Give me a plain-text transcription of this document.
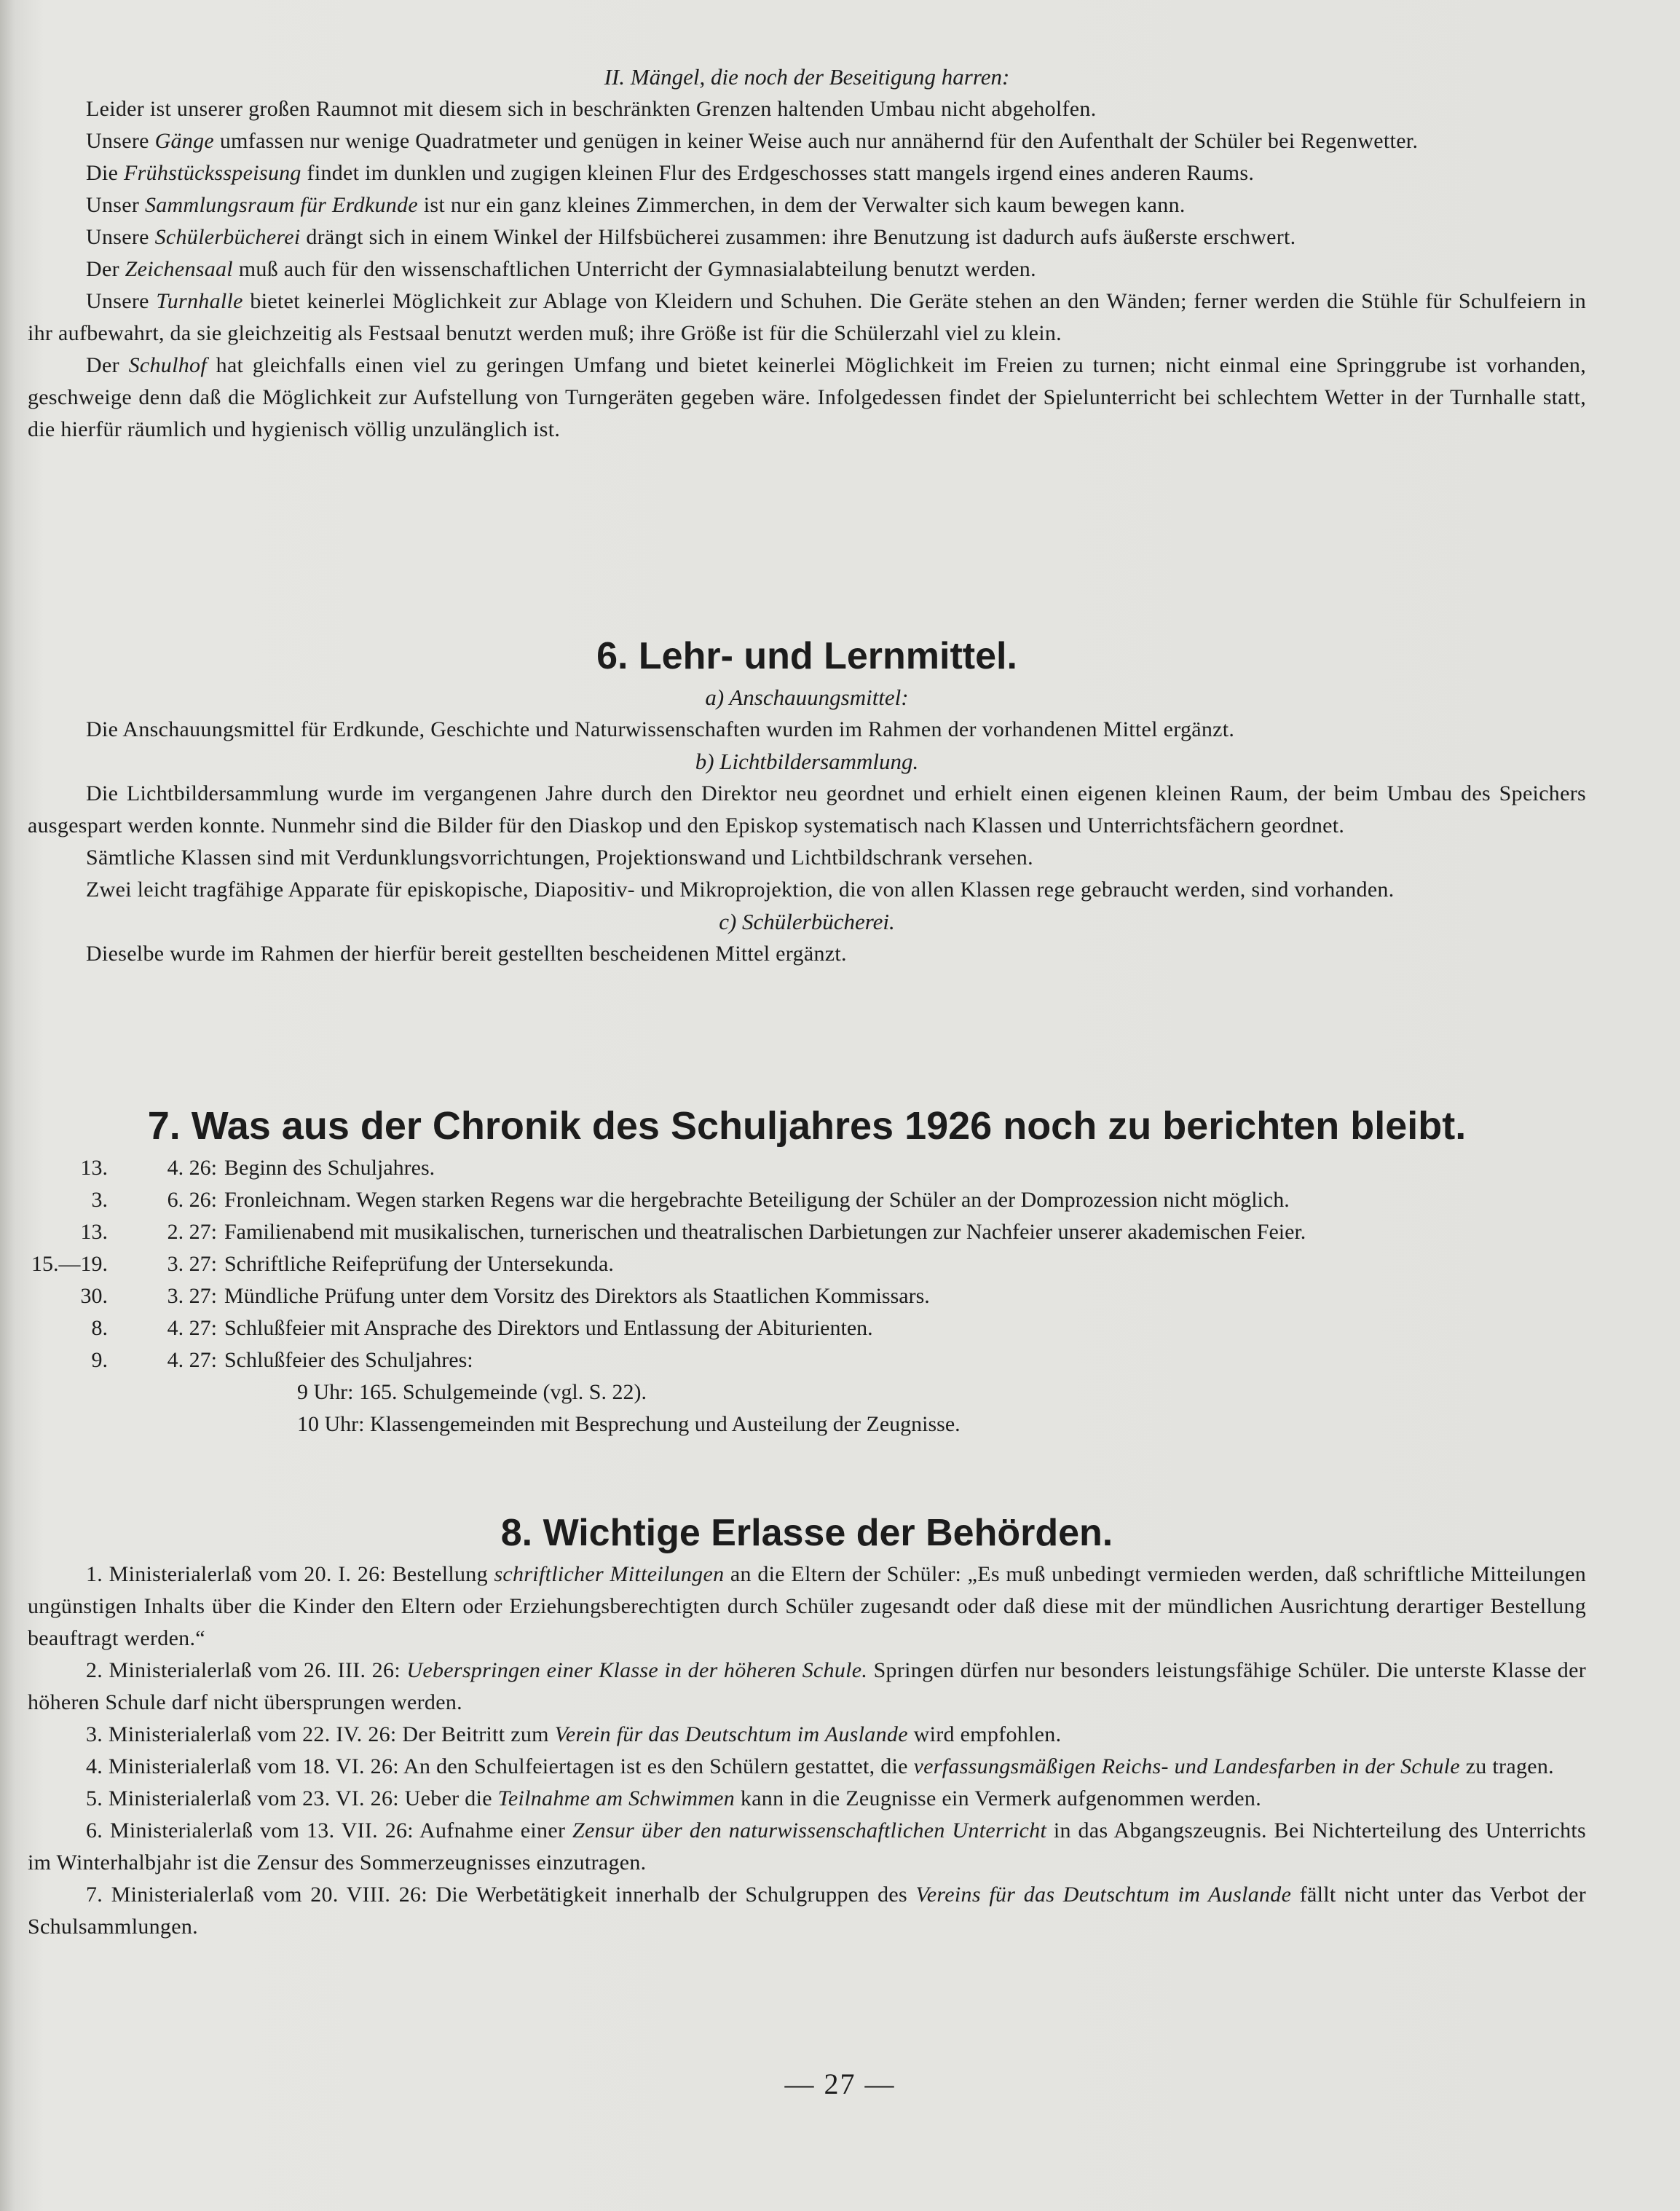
II. Mängel, die noch der Beseitigung harren:

Leider ist unserer großen Raumnot mit diesem sich in beschränkten Grenzen haltenden Umbau nicht abgeholfen.

Unsere Gänge umfassen nur wenige Quadratmeter und genügen in keiner Weise auch nur annähernd für den Aufenthalt der Schüler bei Regenwetter.

Die Frühstücksspeisung findet im dunklen und zugigen kleinen Flur des Erdgeschosses statt mangels irgend eines anderen Raums.

Unser Sammlungsraum für Erdkunde ist nur ein ganz kleines Zimmerchen, in dem der Verwalter sich kaum bewegen kann.

Unsere Schülerbücherei drängt sich in einem Winkel der Hilfsbücherei zusammen: ihre Benutzung ist dadurch aufs äußerste erschwert.

Der Zeichensaal muß auch für den wissenschaftlichen Unterricht der Gymnasialabteilung benutzt werden.

Unsere Turnhalle bietet keinerlei Möglichkeit zur Ablage von Kleidern und Schuhen. Die Geräte stehen an den Wänden; ferner werden die Stühle für Schulfeiern in ihr aufbewahrt, da sie gleichzeitig als Festsaal benutzt werden muß; ihre Größe ist für die Schülerzahl viel zu klein.

Der Schulhof hat gleichfalls einen viel zu geringen Umfang und bietet keinerlei Möglichkeit im Freien zu turnen; nicht einmal eine Springgrube ist vorhanden, geschweige denn daß die Möglichkeit zur Aufstellung von Turngeräten gegeben wäre. Infolgedessen findet der Spielunterricht bei schlechtem Wetter in der Turnhalle statt, die hierfür räumlich und hygienisch völlig unzulänglich ist.

6. Lehr- und Lernmittel.

a) Anschauungsmittel:

Die Anschauungsmittel für Erdkunde, Geschichte und Naturwissenschaften wurden im Rahmen der vorhandenen Mittel ergänzt.

b) Lichtbildersammlung.

Die Lichtbildersammlung wurde im vergangenen Jahre durch den Direktor neu geordnet und erhielt einen eigenen kleinen Raum, der beim Umbau des Speichers ausgespart werden konnte. Nunmehr sind die Bilder für den Diaskop und den Episkop systematisch nach Klassen und Unterrichtsfächern geordnet.

Sämtliche Klassen sind mit Verdunklungsvorrichtungen, Projektionswand und Lichtbildschrank versehen.

Zwei leicht tragfähige Apparate für episkopische, Diapositiv- und Mikroprojektion, die von allen Klassen rege gebraucht werden, sind vorhanden.

c) Schülerbücherei.

Dieselbe wurde im Rahmen der hierfür bereit gestellten bescheidenen Mittel ergänzt.

7. Was aus der Chronik des Schuljahres 1926 noch zu berichten bleibt.
13.	4. 26: Beginn des Schuljahres.
3.	6. 26: Fronleichnam. Wegen starken Regens war die hergebrachte Beteiligung der Schüler an der Domprozession nicht möglich.
13.	2. 27: Familienabend mit musikalischen, turnerischen und theatralischen Darbietungen zur Nachfeier unserer akademischen Feier.
15.—19.	3. 27: Schriftliche Reifeprüfung der Untersekunda.
30.	3. 27: Mündliche Prüfung unter dem Vorsitz des Direktors als Staatlichen Kommissars.
8.	4. 27: Schlußfeier mit Ansprache des Direktors und Entlassung der Abiturienten.
9.	4. 27: Schlußfeier des Schuljahres:
9 Uhr: 165. Schulgemeinde (vgl. S. 22).
10 Uhr: Klassengemeinden mit Besprechung und Austeilung der Zeugnisse.
8. Wichtige Erlasse der Behörden.

1. Ministerialerlaß vom 20. I. 26: Bestellung schriftlicher Mitteilungen an die Eltern der Schüler: „Es muß unbedingt vermieden werden, daß schriftliche Mitteilungen ungünstigen Inhalts über die Kinder den Eltern oder Erziehungsberechtigten durch Schüler zugesandt oder daß diese mit der mündlichen Ausrichtung derartiger Bestellung beauftragt werden.“

2. Ministerialerlaß vom 26. III. 26: Ueberspringen einer Klasse in der höheren Schule. Springen dürfen nur besonders leistungsfähige Schüler. Die unterste Klasse der höheren Schule darf nicht übersprungen werden.

3. Ministerialerlaß vom 22. IV. 26: Der Beitritt zum Verein für das Deutschtum im Auslande wird empfohlen.

4. Ministerialerlaß vom 18. VI. 26: An den Schulfeiertagen ist es den Schülern gestattet, die verfassungsmäßigen Reichs- und Landesfarben in der Schule zu tragen.

5. Ministerialerlaß vom 23. VI. 26: Ueber die Teilnahme am Schwimmen kann in die Zeugnisse ein Vermerk aufgenommen werden.

6. Ministerialerlaß vom 13. VII. 26: Aufnahme einer Zensur über den naturwissenschaftlichen Unterricht in das Abgangszeugnis. Bei Nichterteilung des Unterrichts im Winterhalbjahr ist die Zensur des Sommerzeugnisses einzutragen.

7. Ministerialerlaß vom 20. VIII. 26: Die Werbetätigkeit innerhalb der Schulgruppen des Vereins für das Deutschtum im Auslande fällt nicht unter das Verbot der Schulsammlungen.

— 27 —
